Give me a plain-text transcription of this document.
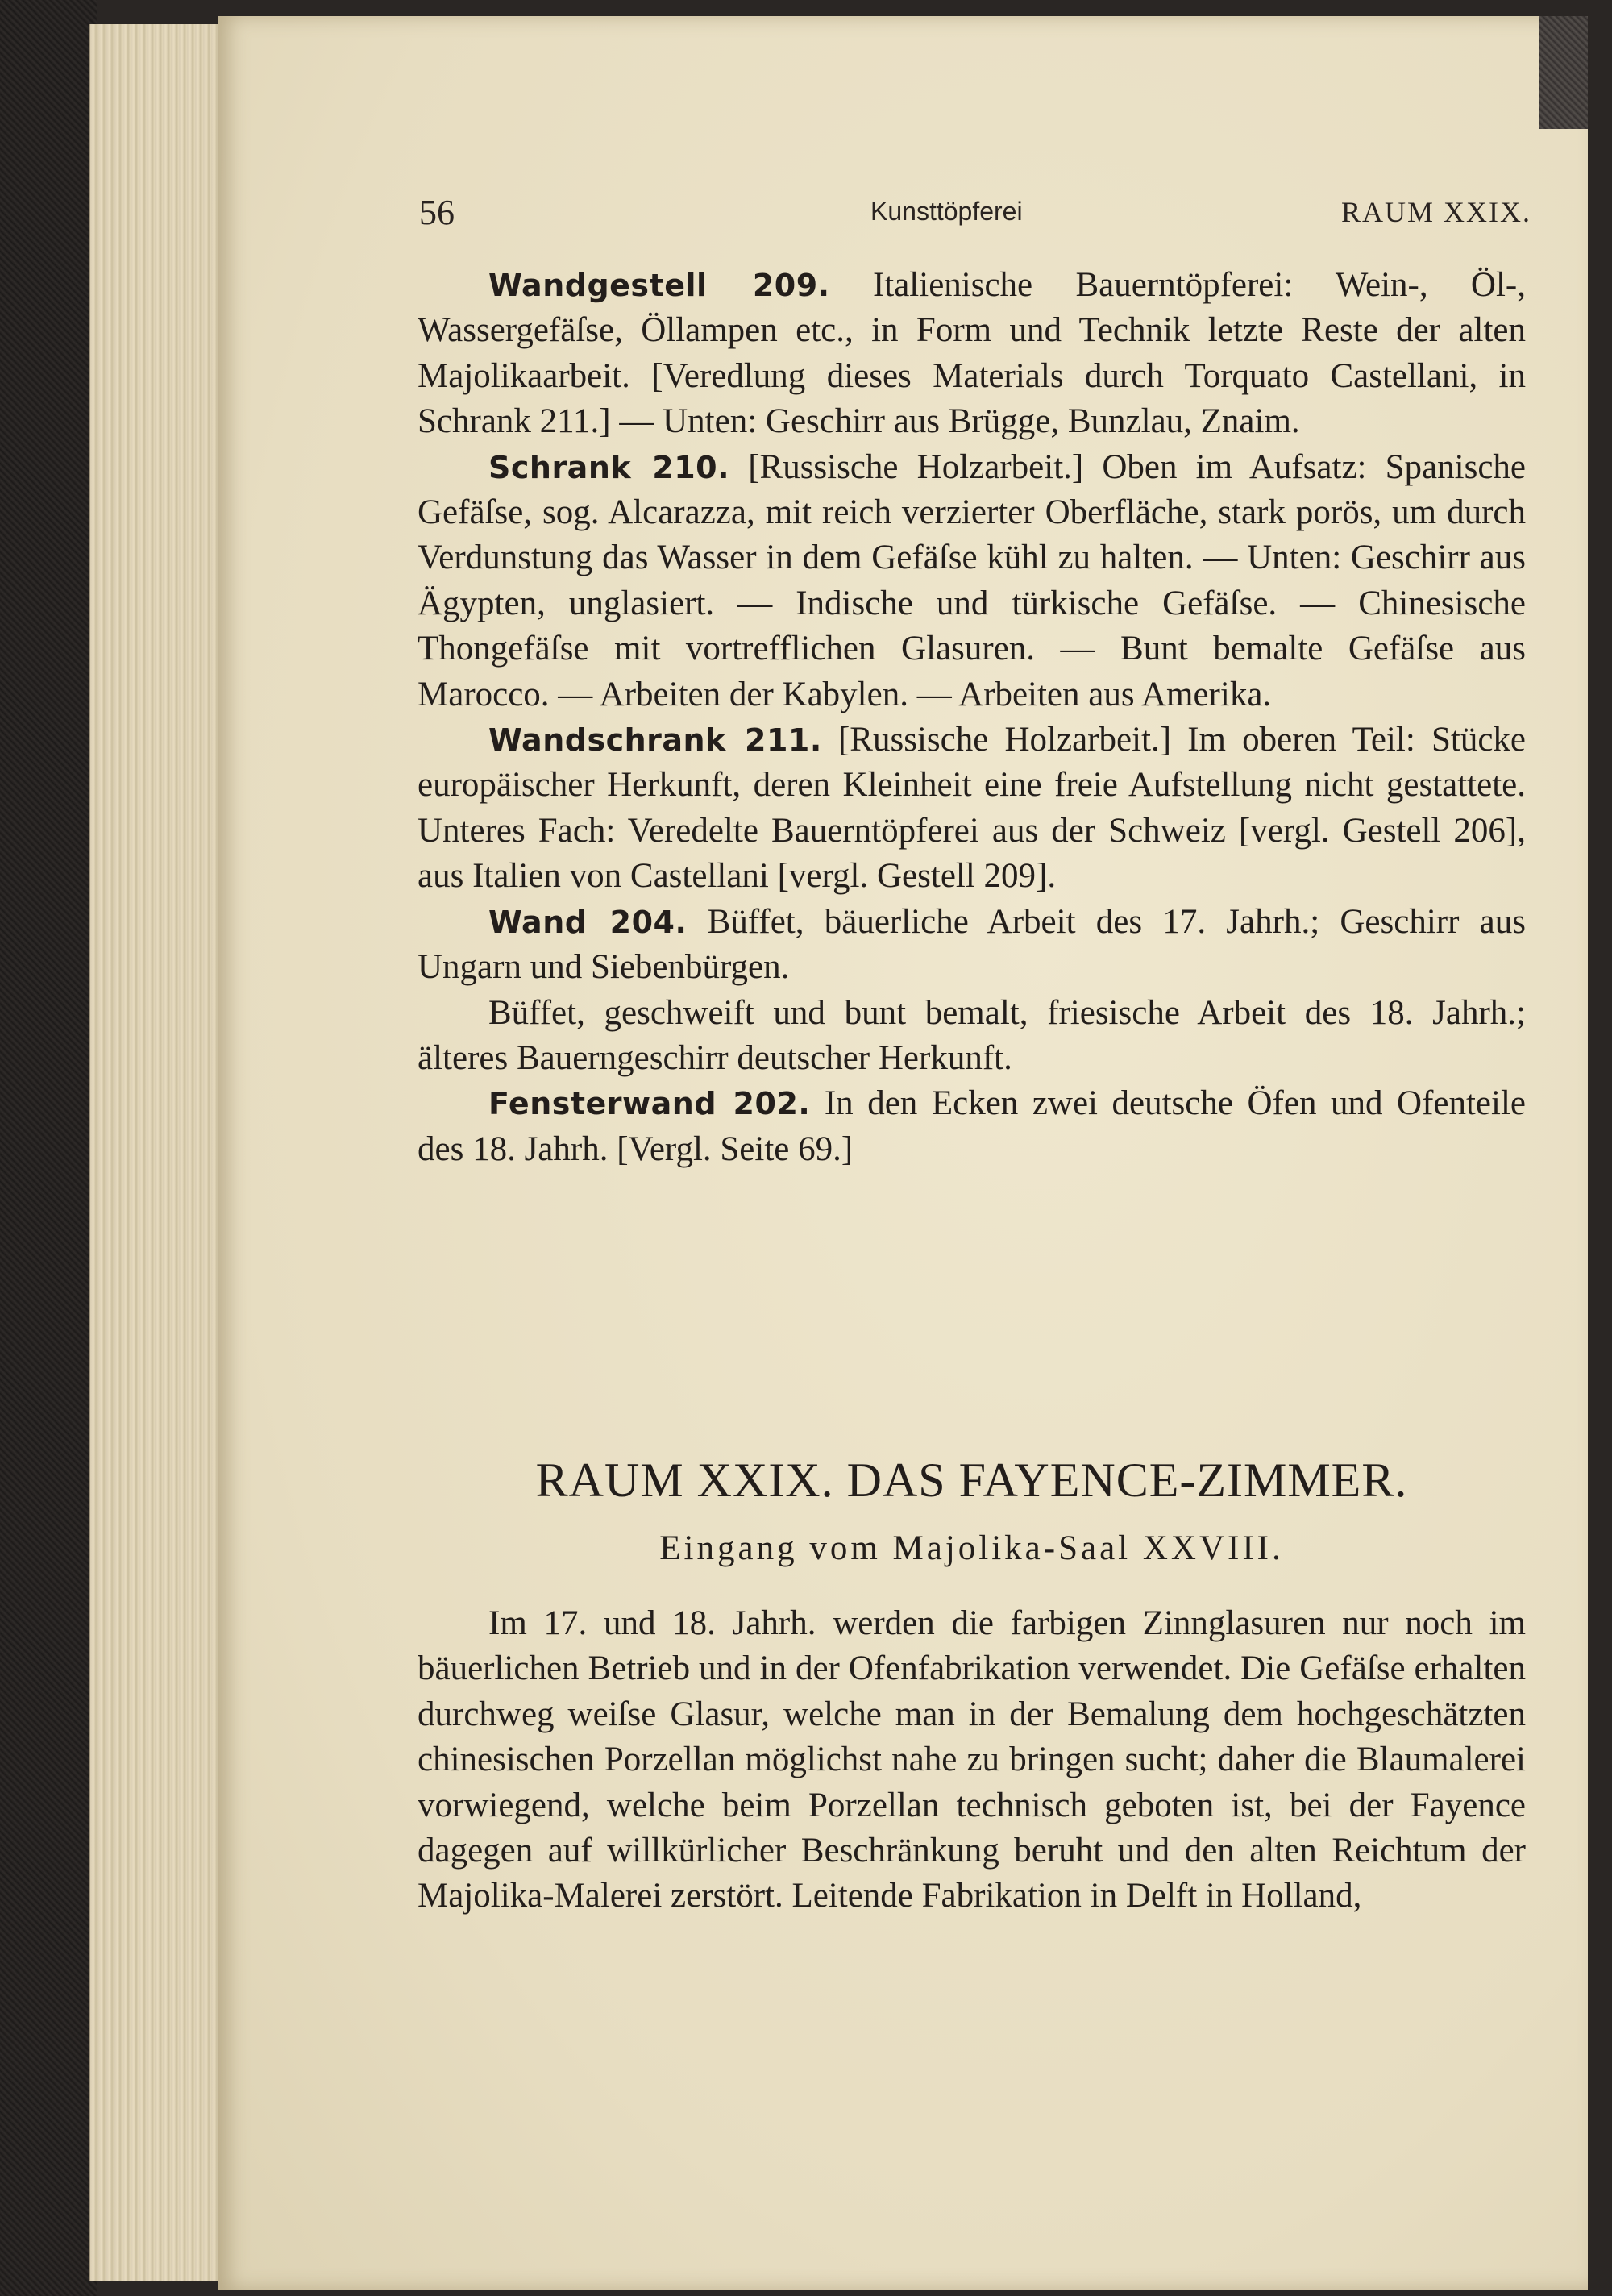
56	Kunsttöpferei	RAUM XXIX.

Wandgestell 209. Italienische Bauerntöpferei: Wein-, Öl-, Wassergefäſse, Öllampen etc., in Form und Technik letzte Reste der alten Majolikaarbeit. [Veredlung dieses Materials durch Torquato Castellani, in Schrank 211.] — Unten: Geschirr aus Brügge, Bunzlau, Znaim.

Schrank 210. [Russische Holzarbeit.] Oben im Aufsatz: Spanische Gefäſse, sog. Alcarazza, mit reich verzierter Oberfläche, stark porös, um durch Verdunstung das Wasser in dem Gefäſse kühl zu halten. — Unten: Geschirr aus Ägypten, unglasiert. — Indische und türkische Gefäſse. — Chinesische Thongefäſse mit vortrefflichen Glasuren. — Bunt bemalte Gefäſse aus Marocco. — Arbeiten der Kabylen. — Arbeiten aus Amerika.

Wandschrank 211. [Russische Holzarbeit.] Im oberen Teil: Stücke europäischer Herkunft, deren Kleinheit eine freie Aufstellung nicht gestattete. Unteres Fach: Veredelte Bauerntöpferei aus der Schweiz [vergl. Gestell 206], aus Italien von Castellani [vergl. Gestell 209].

Wand 204. Büffet, bäuerliche Arbeit des 17. Jahrh.; Geschirr aus Ungarn und Siebenbürgen.

Büffet, geschweift und bunt bemalt, friesische Arbeit des 18. Jahrh.; älteres Bauerngeschirr deutscher Herkunft.

Fensterwand 202. In den Ecken zwei deutsche Öfen und Ofenteile des 18. Jahrh. [Vergl. Seite 69.]

RAUM XXIX. DAS FAYENCE-ZIMMER.
Eingang vom Majolika-Saal XXVIII.

Im 17. und 18. Jahrh. werden die farbigen Zinnglasuren nur noch im bäuerlichen Betrieb und in der Ofenfabrikation verwendet. Die Gefäſse erhalten durchweg weiſse Glasur, welche man in der Bemalung dem hochgeschätzten chinesischen Porzellan möglichst nahe zu bringen sucht; daher die Blaumalerei vorwiegend, welche beim Porzellan technisch geboten ist, bei der Fayence dagegen auf willkürlicher Beschränkung beruht und den alten Reichtum der Majolika-Malerei zerstört. Leitende Fabrikation in Delft in Holland,
